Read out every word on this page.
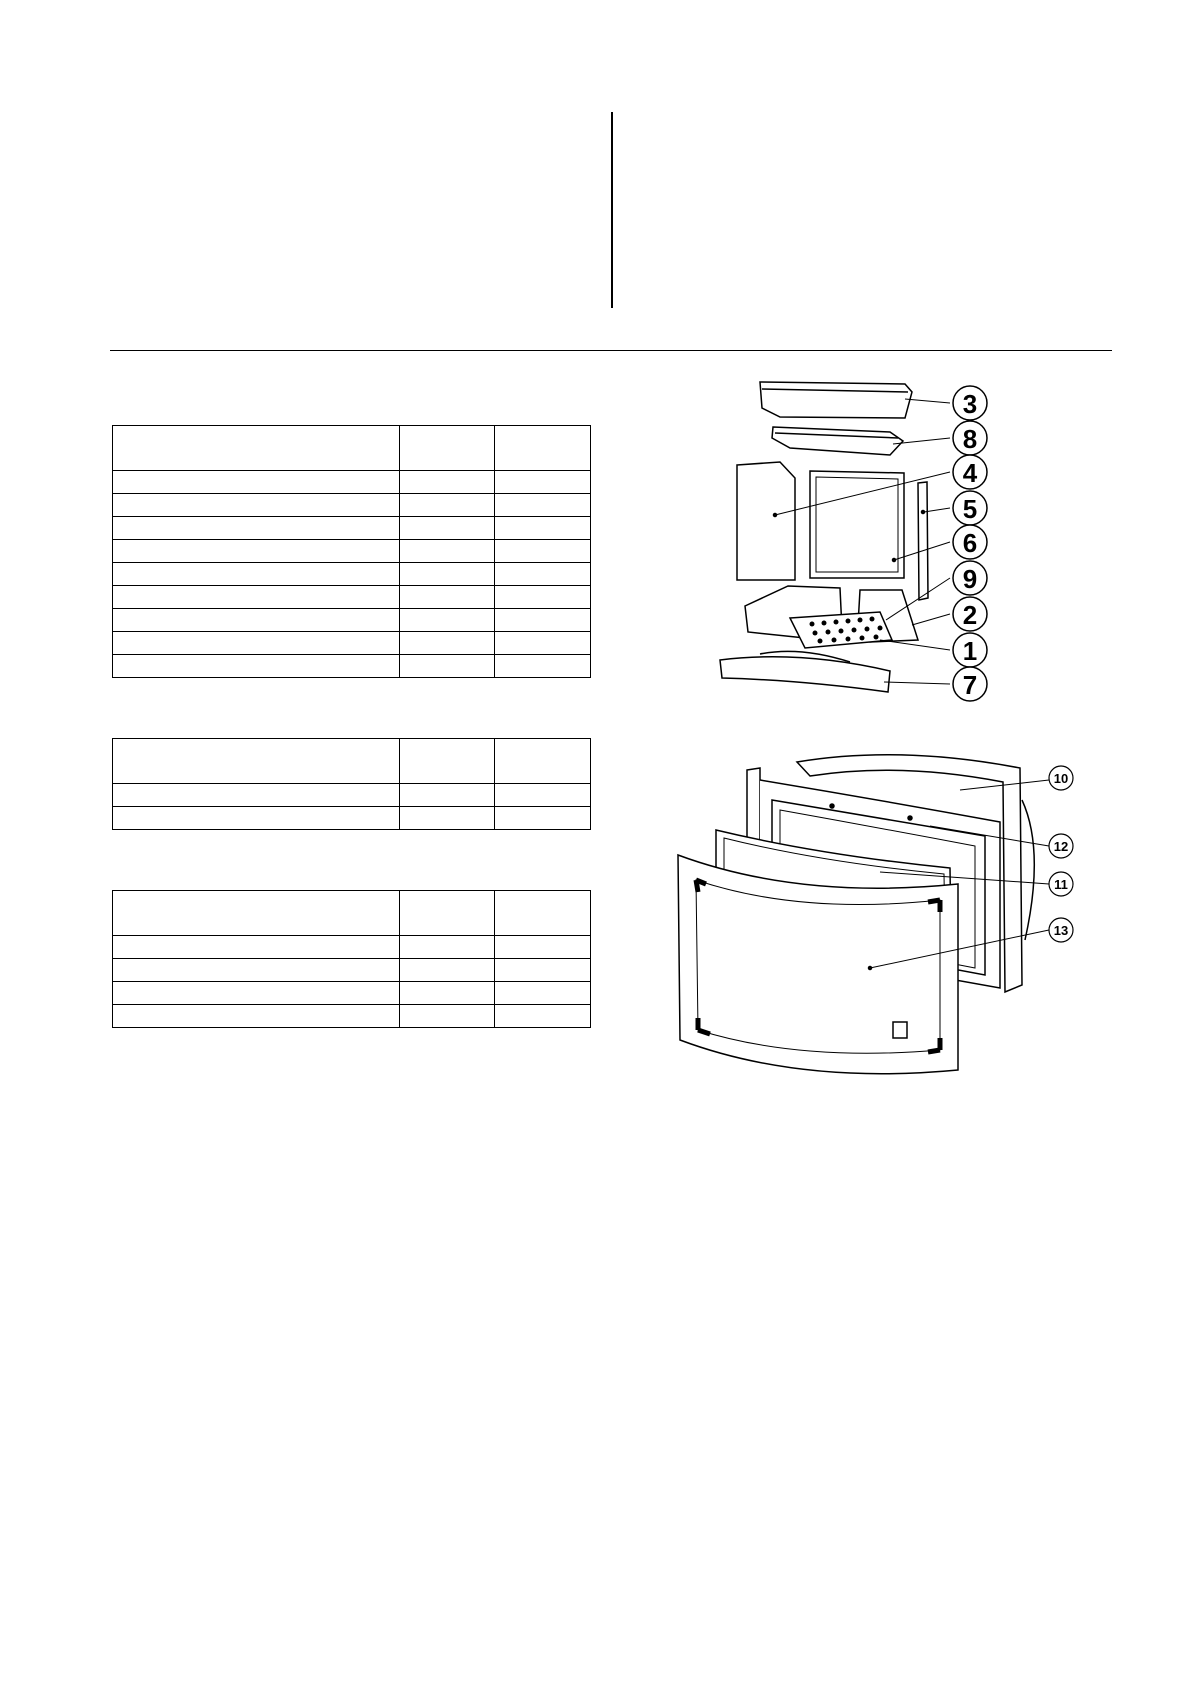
3
8
4
5
6
9
2
1
7
10
12
11
13
